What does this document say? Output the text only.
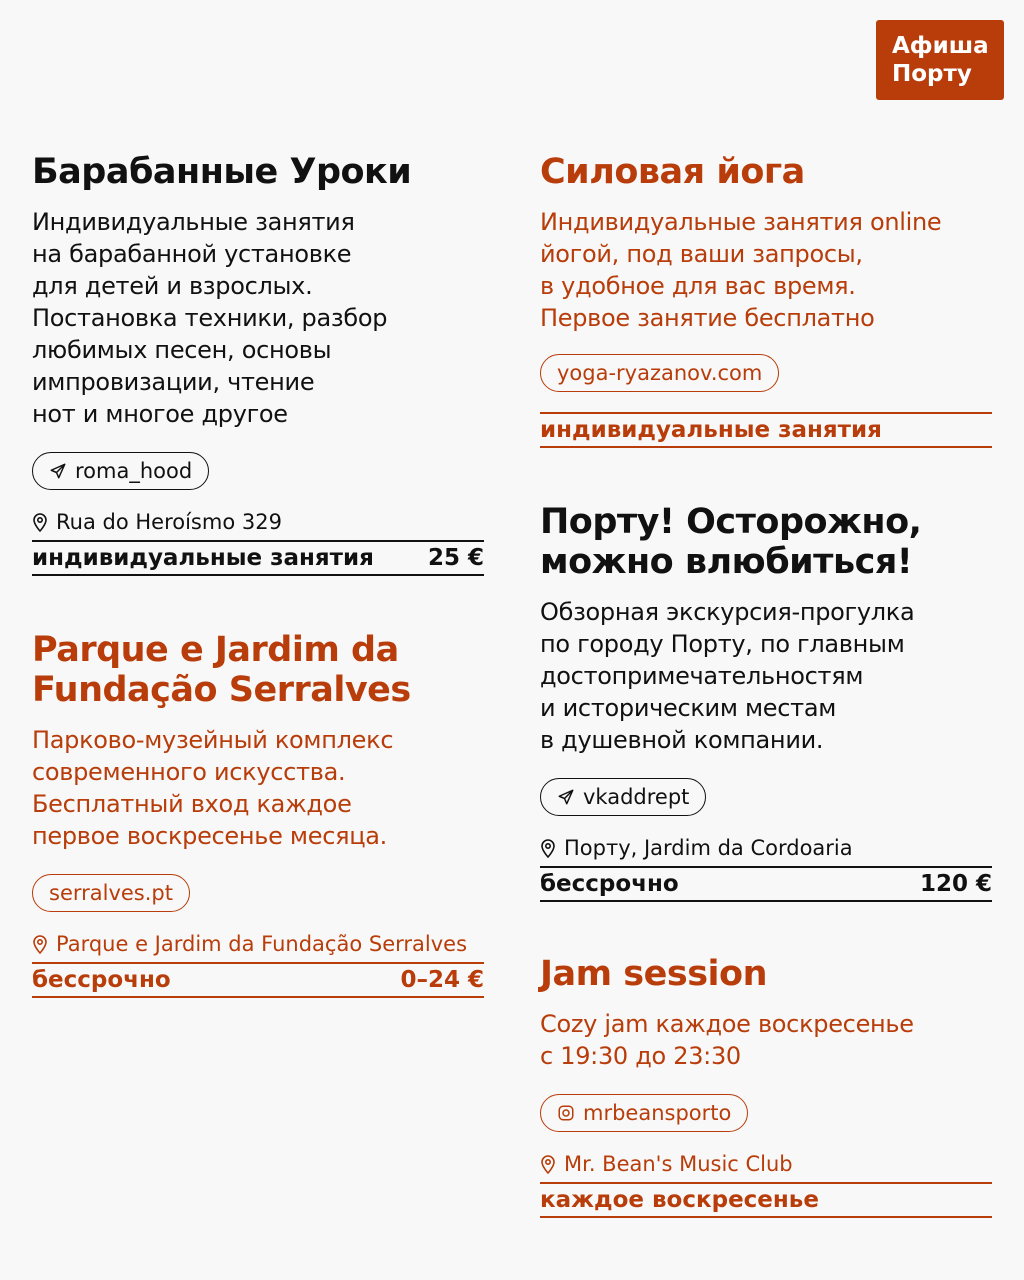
Афиша
Порту
Барабанные Уроки
Индивидуальные занятия
на барабанной установке
для детей и взрослых.
Постановка техники, разбор
любимых песен, основы
импровизации, чтение
нот и многое другое
roma_hood
Rua do Heroísmo 329
индивидуальные занятия 25 €
Parque e Jardim da Fundação Serralves
Парково-музейный комплекс
современного искусства.
Бесплатный вход каждое
первое воскресенье месяца.
serralves.pt
Parque e Jardim da Fundação Serralves
бессрочно	0–24 €
Силовая йога
Индивидуальные занятия online
йогой, под ваши запросы,
в удобное для вас время.
Первое занятие бесплатно
yoga-ryazanov.com
индивидуальные занятия
Порту! Осторожно, можно влюбиться!
Обзорная экскурсия-прогулка
по городу Порту, по главным
достопримечательностям
и историческим местам
в душевной компании.
vkaddrept
Порту, Jardim da Cordoaria
бессрочно	120 €
Jam session
Cozy jam каждое воскресенье
с 19:30 до 23:30
mrbeansporto
Mr. Bean's Music Club
каждое воскресенье
